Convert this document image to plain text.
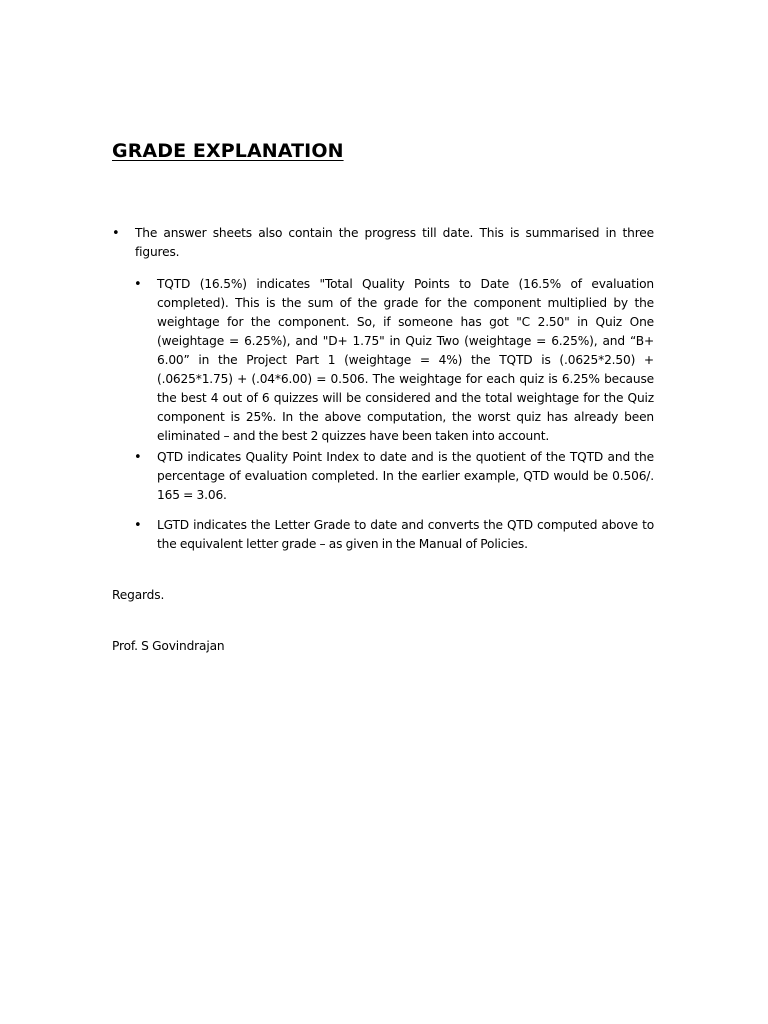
GRADE EXPLANATION
• The answer sheets also contain the progress till date. This is summarised in three figures.

• TQTD (16.5%) indicates "Total Quality Points to Date (16.5% of evaluation completed). This is the sum of the grade for the component multiplied by the weightage for the component. So, if someone has got "C 2.50" in Quiz One (weightage = 6.25%), and "D+ 1.75" in Quiz Two (weightage = 6.25%), and “B+ 6.00” in the Project Part 1 (weightage = 4%) the TQTD is (.0625*2.50) + (.0625*1.75) + (.04*6.00) = 0.506. The weightage for each quiz is 6.25% because the best 4 out of 6 quizzes will be considered and the total weightage for the Quiz component is 25%. In the above computation, the worst quiz has already been eliminated – and the best 2 quizzes have been taken into account.

• QTD indicates Quality Point Index to date and is the quotient of the TQTD and the percentage of evaluation completed. In the earlier example, QTD would be 0.506/. 165 = 3.06.

• LGTD indicates the Letter Grade to date and converts the QTD computed above to the equivalent letter grade – as given in the Manual of Policies.

Regards.

Prof. S Govindrajan
